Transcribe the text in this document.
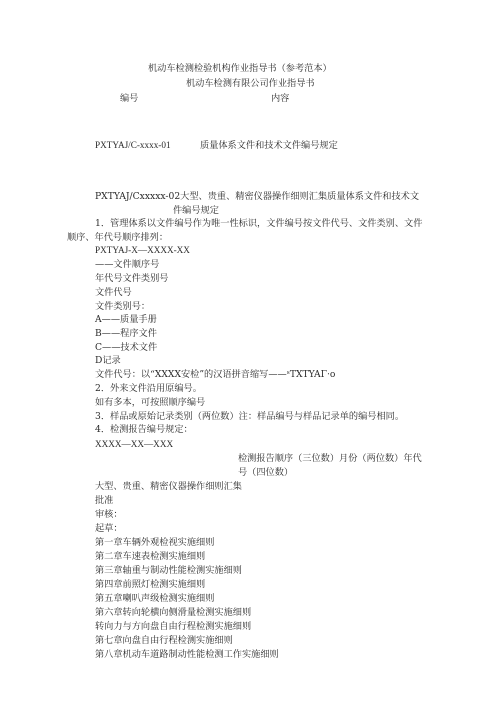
机动车检测检验机构作业指导书（参考范本）
机动车检测有限公司作业指导书
编号	内容
PXTYAJ/C-xxxx-01	质量体系文件和技术文件编号规定
PXTYAJ/Cxxxxx-02大型、贵重、精密仪器操作细则汇集质量体系文件和技术文
件编号规定
1．管理体系以文件编号作为唯一性标识，文件编号按文件代号、文件类别、文件
顺序、年代号顺序排列：
PXTYAJ-X—XXXX-XX
——文件顺序号
年代号文件类别号
文件代号
文件类别号：
A——质量手册
B——程序文件
C——技术文件
D记录
文件代号：以“XXXX安检”的汉语拼音缩写——ˢTXTYAΓ‧o
2．外来文件沿用原编号。
如有多本，可按照顺序编号
3．样品或原始记录类别（两位数）注：样品编号与样品记录单的编号相同。
4．检测报告编号规定：
XXXX—XX—XXX
检测报告顺序（三位数）月份（两位数）年代
号（四位数）
大型、贵重、精密仪器操作细则汇集
批准
审核：
起草：
第一章车辆外观检视实施细则
第二章车速表检测实施细则
第三章轴重与制动性能检测实施细则
第四章前照灯检测实施细则
第五章喇叭声级检测实施细则
第六章转向轮横向侧滑量检测实施细则
转向力与方向盘自由行程检测实施细则
第七章向盘自由行程检测实施细则
第八章机动车道路制动性能检测工作实施细则
